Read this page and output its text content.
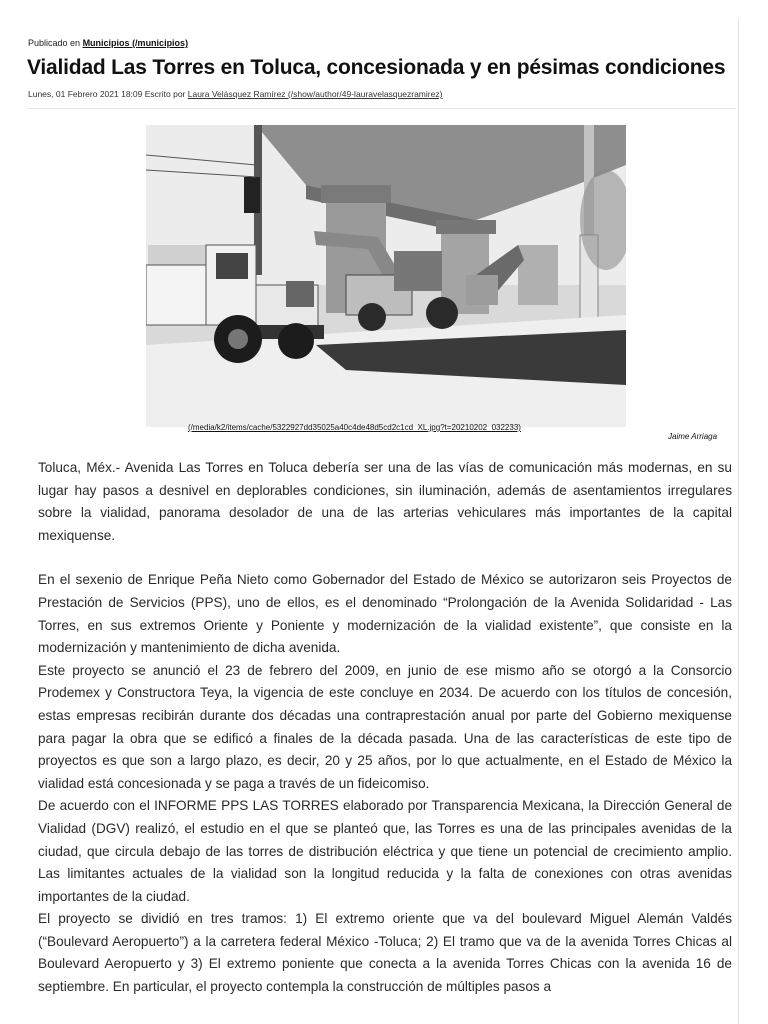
Publicado en Municipios (/municipios)
Vialidad Las Torres en Toluca, concesionada y en pésimas condiciones
Lunes, 01 Febrero 2021 18:09 Escrito por Laura Velásquez Ramírez (/show/author/49-lauravelasquezramirez)
(/media/k2/items/cache/5322927dd35025a40c4de48d5cd2c1cd_XL.jpg?t=20210202_032233)
Jaime Arriaga

Toluca, Méx.- Avenida Las Torres en Toluca debería ser una de las vías de comunicación más modernas, en su lugar hay pasos a desnivel en deplorables condiciones, sin iluminación, además de asentamientos irregulares sobre la vialidad, panorama desolador de una de las arterias vehiculares más importantes de la capital mexiquense.

En el sexenio de Enrique Peña Nieto como Gobernador del Estado de México se autorizaron seis Proyectos de Prestación de Servicios (PPS), uno de ellos, es el denominado “Prolongación de la Avenida Solidaridad - Las Torres, en sus extremos Oriente y Poniente y modernización de la vialidad existente”, que consiste en la modernización y mantenimiento de dicha avenida.

Este proyecto se anunció el 23 de febrero del 2009, en junio de ese mismo año se otorgó a la Consorcio Prodemex y Constructora Teya, la vigencia de este concluye en 2034. De acuerdo con los títulos de concesión, estas empresas recibirán durante dos décadas una contraprestación anual por parte del Gobierno mexiquense para pagar la obra que se edificó a finales de la década pasada. Una de las características de este tipo de proyectos es que son a largo plazo, es decir, 20 y 25 años, por lo que actualmente, en el Estado de México la vialidad está concesionada y se paga a través de un fideicomiso.

De acuerdo con el INFORME PPS LAS TORRES elaborado por Transparencia Mexicana, la Dirección General de Vialidad (DGV) realizó, el estudio en el que se planteó que, las Torres es una de las principales avenidas de la ciudad, que circula debajo de las torres de distribución eléctrica y que tiene un potencial de crecimiento amplio. Las limitantes actuales de la vialidad son la longitud reducida y la falta de conexiones con otras avenidas importantes de la ciudad.

El proyecto se dividió en tres tramos: 1) El extremo oriente que va del boulevard Miguel Alemán Valdés (“Boulevard Aeropuerto”) a la carretera federal México -Toluca; 2) El tramo que va de la avenida Torres Chicas al Boulevard Aeropuerto y 3) El extremo poniente que conecta a la avenida Torres Chicas con la avenida 16 de septiembre. En particular, el proyecto contempla la construcción de múltiples pasos a
